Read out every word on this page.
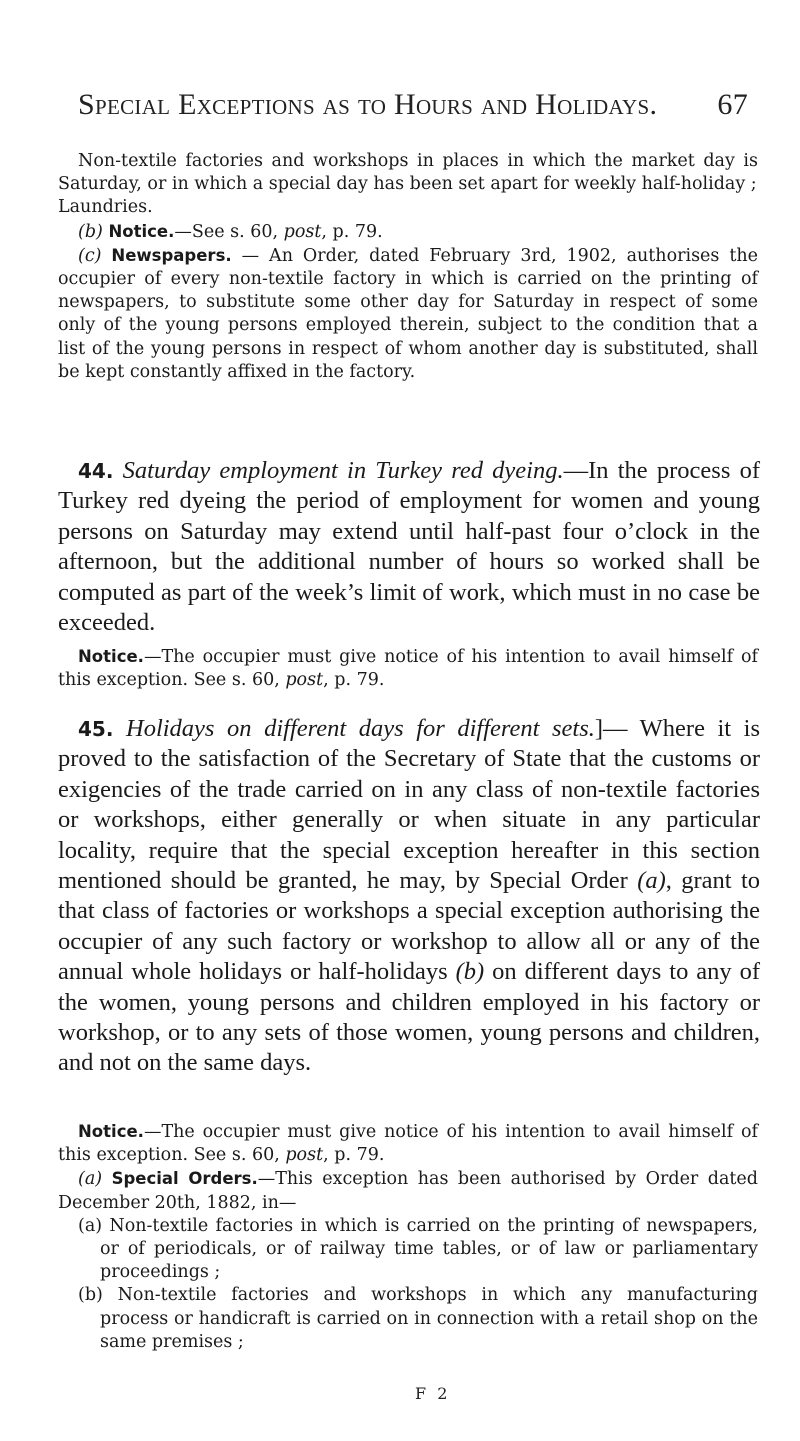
Special Exceptions as to Hours and Holidays. 67
Non-textile factories and workshops in places in which the market day is Saturday, or in which a special day has been set apart for weekly half-holiday ;
Laundries.
(b) Notice.—See s. 60, post, p. 79.
(c) Newspapers. — An Order, dated February 3rd, 1902, authorises the occupier of every non-textile factory in which is carried on the printing of newspapers, to substitute some other day for Saturday in respect of some only of the young persons employed therein, subject to the condition that a list of the young persons in respect of whom another day is substituted, shall be kept constantly affixed in the factory.
44. Saturday employment in Turkey red dyeing.—In the process of Turkey red dyeing the period of employment for women and young persons on Saturday may extend until half-past four o’clock in the afternoon, but the additional number of hours so worked shall be computed as part of the week’s limit of work, which must in no case be exceeded.
Notice.—The occupier must give notice of his intention to avail himself of this exception. See s. 60, post, p. 79.
45. Holidays on different days for different sets.]— Where it is proved to the satisfaction of the Secretary of State that the customs or exigencies of the trade carried on in any class of non-textile factories or workshops, either generally or when situate in any particular locality, require that the special exception hereafter in this section mentioned should be granted, he may, by Special Order (a), grant to that class of factories or workshops a special exception authorising the occupier of any such factory or workshop to allow all or any of the annual whole holidays or half-holidays (b) on different days to any of the women, young persons and children employed in his factory or workshop, or to any sets of those women, young persons and children, and not on the same days.
Notice.—The occupier must give notice of his intention to avail himself of this exception. See s. 60, post, p. 79.
(a) Special Orders.—This exception has been authorised by Order dated December 20th, 1882, in—
(a) Non-textile factories in which is carried on the printing of newspapers, or of periodicals, or of railway time tables, or of law or parliamentary proceedings ;
(b) Non-textile factories and workshops in which any manufacturing process or handicraft is carried on in connection with a retail shop on the same premises ;
F 2
